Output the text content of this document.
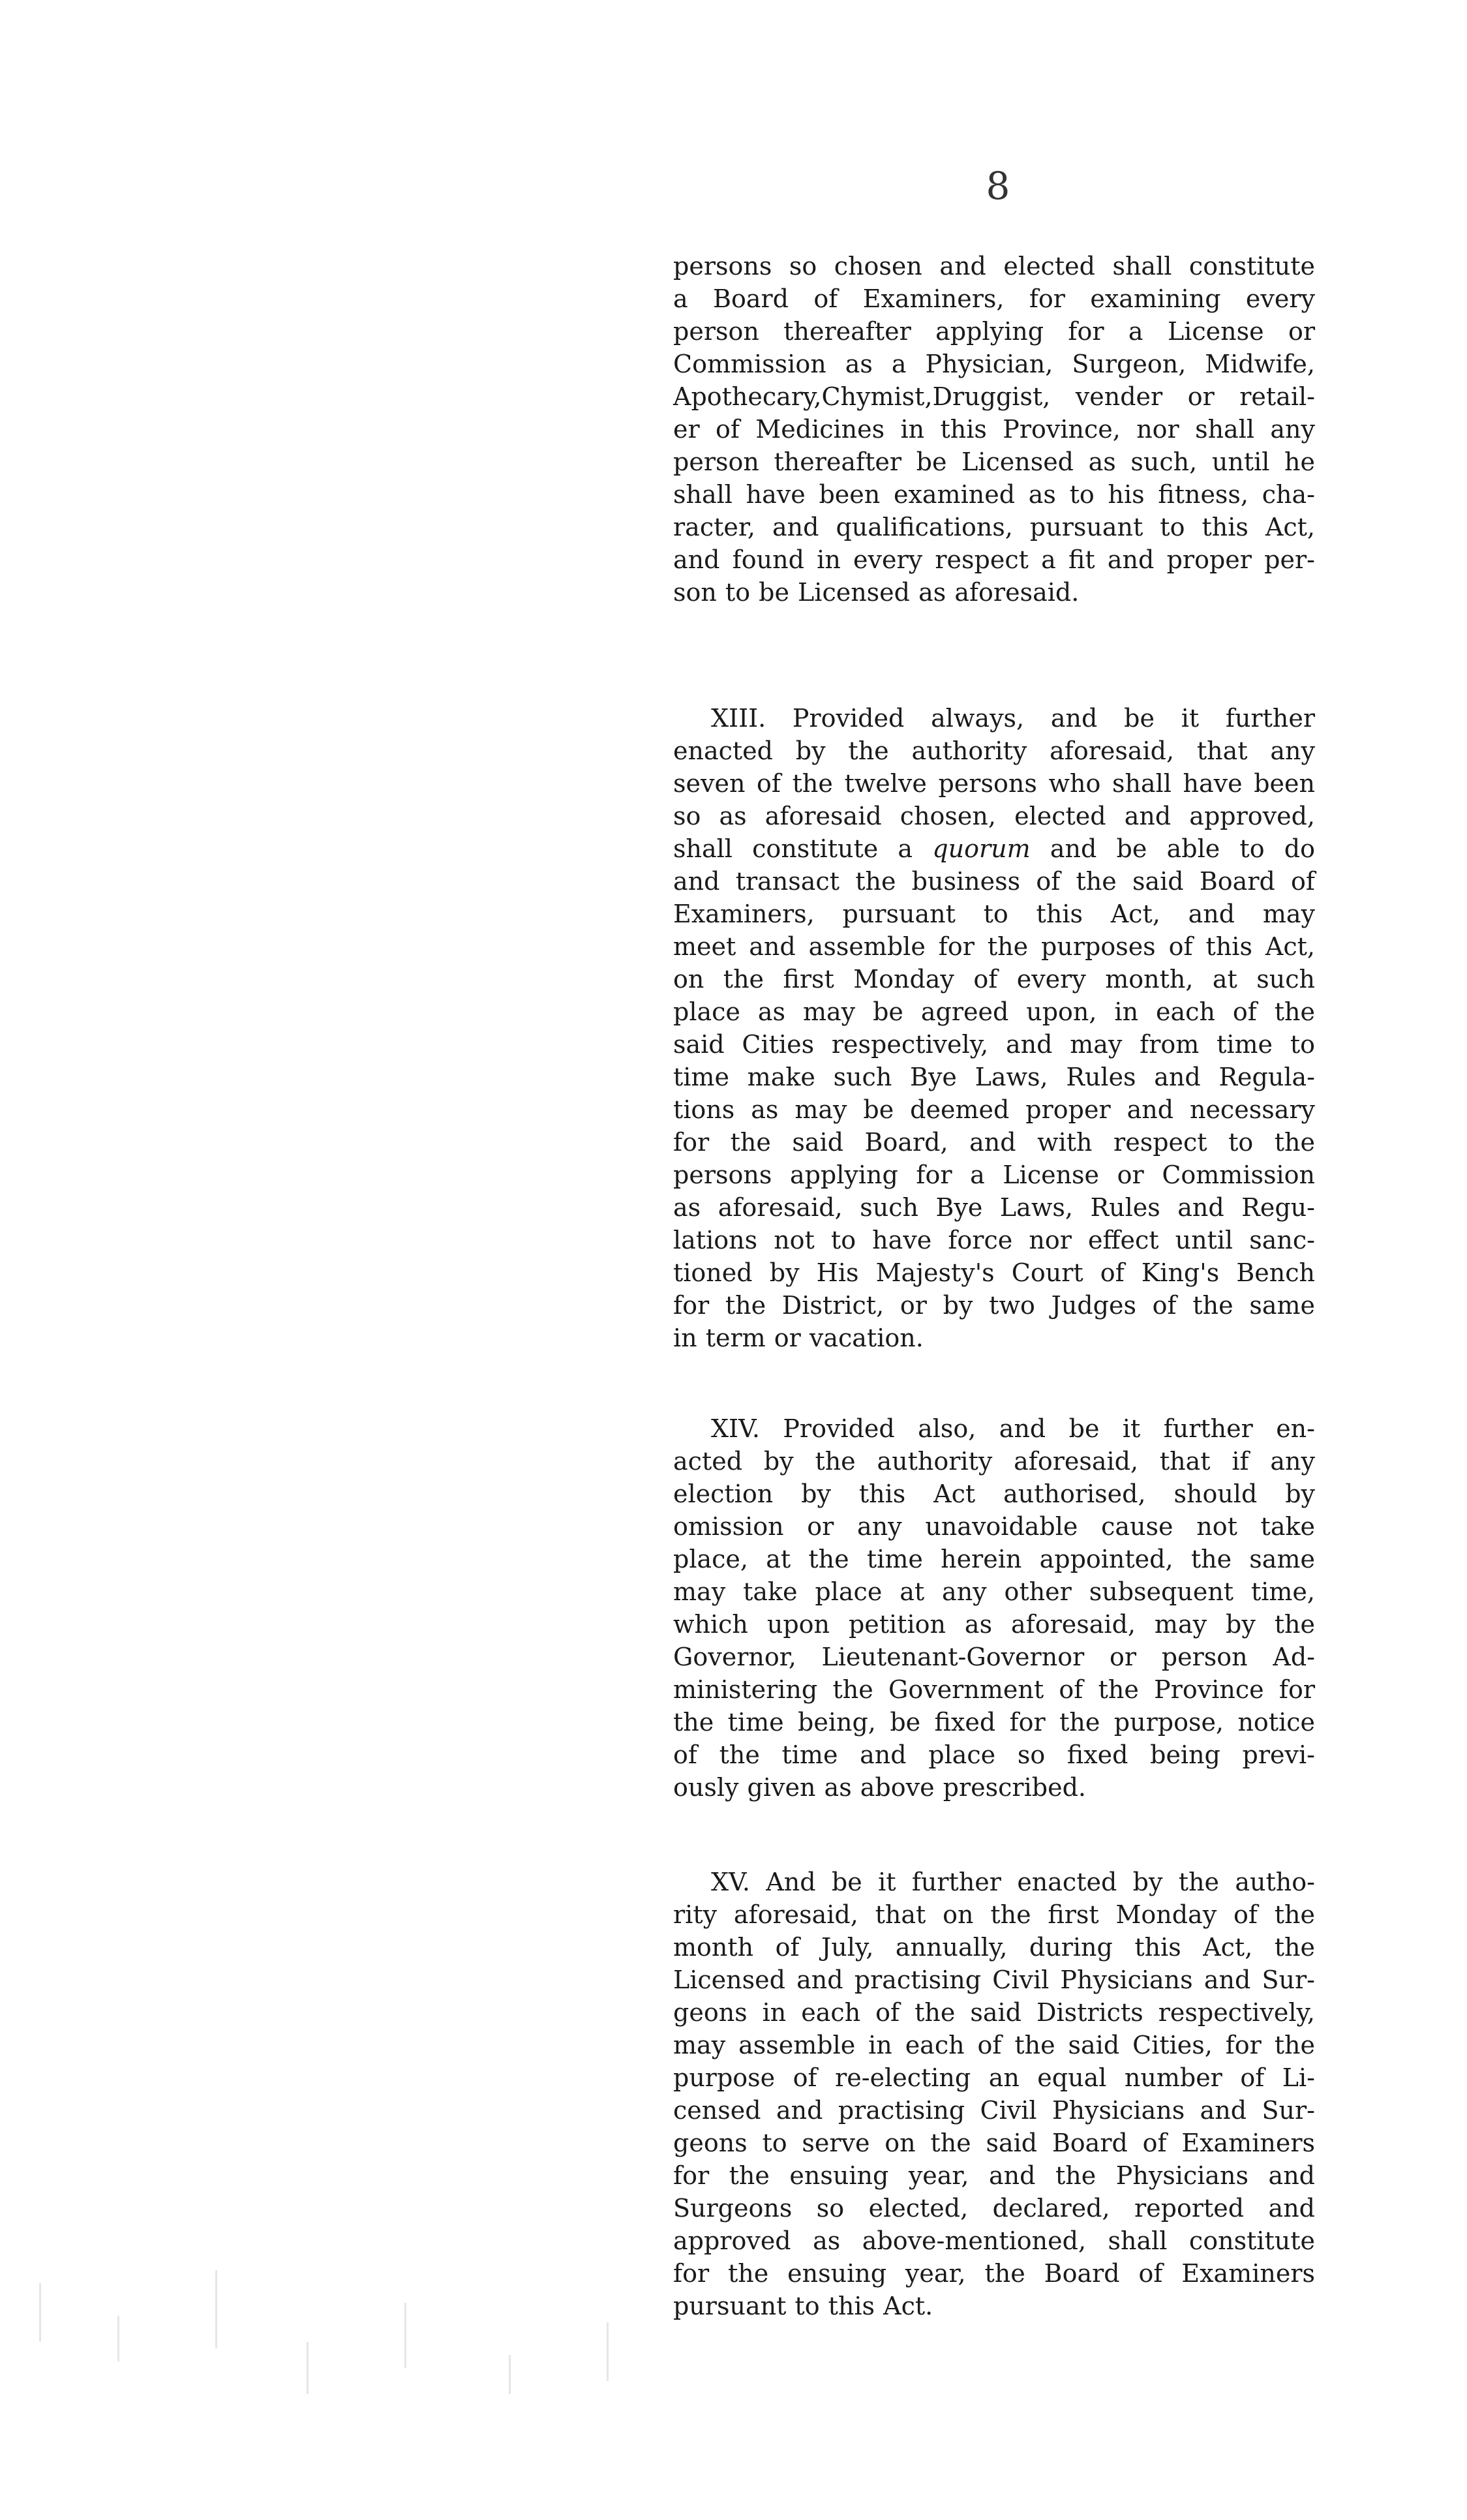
8
persons so chosen and elected shall constitute
a Board of Examiners, for examining every
person thereafter applying for a License or
Commission as a Physician, Surgeon, Midwife,
Apothecary,Chymist,Druggist, vender or retail-
er of Medicines in this Province, nor shall any
person thereafter be Licensed as such, until he
shall have been examined as to his fitness, cha-
racter, and qualifications, pursuant to this Act,
and found in every respect a fit and proper per-
son to be Licensed as aforesaid.
XIII. Provided always, and be it further
enacted by the authority aforesaid, that any
seven of the twelve persons who shall have been
so as aforesaid chosen, elected and approved,
shall constitute a quorum and be able to do
and transact the business of the said Board of
Examiners, pursuant to this Act, and may
meet and assemble for the purposes of this Act,
on the first Monday of every month, at such
place as may be agreed upon, in each of the
said Cities respectively, and may from time to
time make such Bye Laws, Rules and Regula-
tions as may be deemed proper and necessary
for the said Board, and with respect to the
persons applying for a License or Commission
as aforesaid, such Bye Laws, Rules and Regu-
lations not to have force nor effect until sanc-
tioned by His Majesty's Court of King's Bench
for the District, or by two Judges of the same
in term or vacation.
XIV. Provided also, and be it further en-
acted by the authority aforesaid, that if any
election by this Act authorised, should by
omission or any unavoidable cause not take
place, at the time herein appointed, the same
may take place at any other subsequent time,
which upon petition as aforesaid, may by the
Governor, Lieutenant-Governor or person Ad-
ministering the Government of the Province for
the time being, be fixed for the purpose, notice
of the time and place so fixed being previ-
ously given as above prescribed.
XV. And be it further enacted by the autho-
rity aforesaid, that on the first Monday of the
month of July, annually, during this Act, the
Licensed and practising Civil Physicians and Sur-
geons in each of the said Districts respectively,
may assemble in each of the said Cities, for the
purpose of re-electing an equal number of Li-
censed and practising Civil Physicians and Sur-
geons to serve on the said Board of Examiners
for the ensuing year, and the Physicians and
Surgeons so elected, declared, reported and
approved as above-mentioned, shall constitute
for the ensuing year, the Board of Examiners
pursuant to this Act.
